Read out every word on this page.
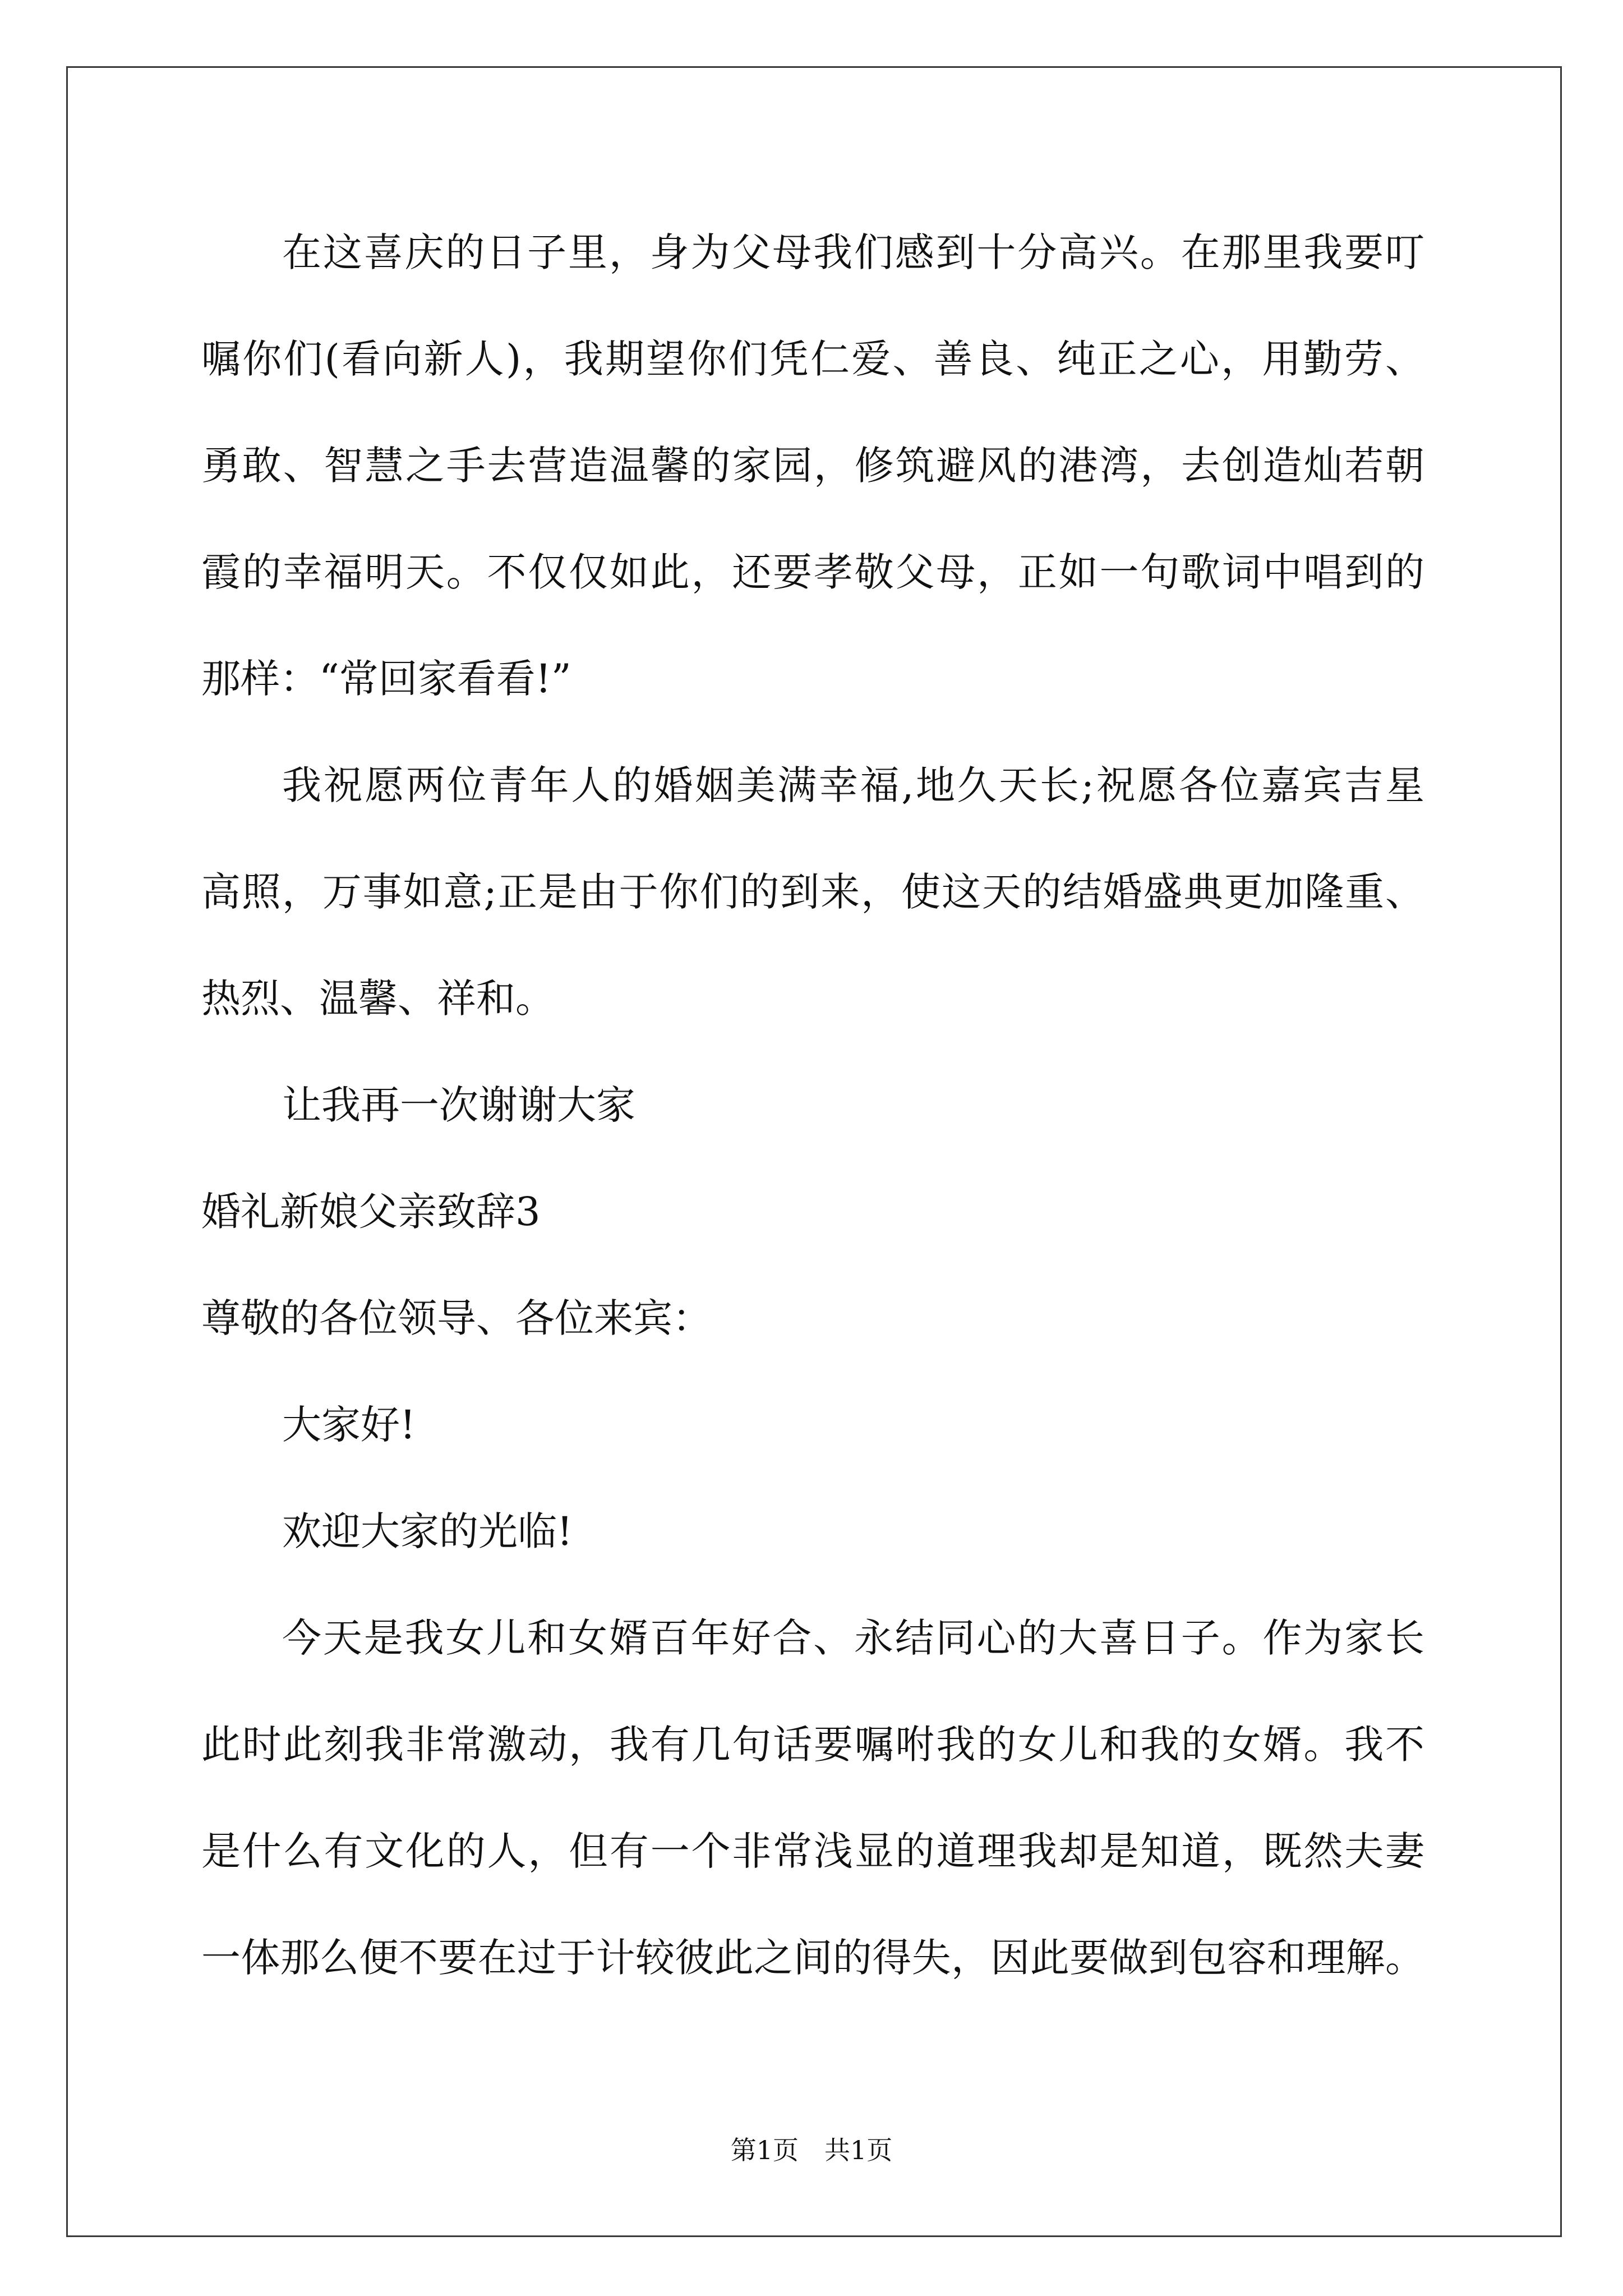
在这喜庆的日子里，身为父母我们感到十分高兴。在那里我要叮
嘱你们(看向新人)，我期望你们凭仁爱、善良、纯正之心，用勤劳、
勇敢、智慧之手去营造温馨的家园，修筑避风的港湾，去创造灿若朝
霞的幸福明天。不仅仅如此，还要孝敬父母，正如一句歌词中唱到的
那样：“常回家看看!”
我祝愿两位青年人的婚姻美满幸福,地久天长;祝愿各位嘉宾吉星
高照，万事如意;正是由于你们的到来，使这天的结婚盛典更加隆重、
热烈、温馨、祥和。
让我再一次谢谢大家
婚礼新娘父亲致辞3
尊敬的各位领导、各位来宾：
大家好!
欢迎大家的光临!
今天是我女儿和女婿百年好合、永结同心的大喜日子。作为家长
此时此刻我非常激动，我有几句话要嘱咐我的女儿和我的女婿。我不
是什么有文化的人，但有一个非常浅显的道理我却是知道，既然夫妻
一体那么便不要在过于计较彼此之间的得失，因此要做到包容和理解。
第1页　共1页
